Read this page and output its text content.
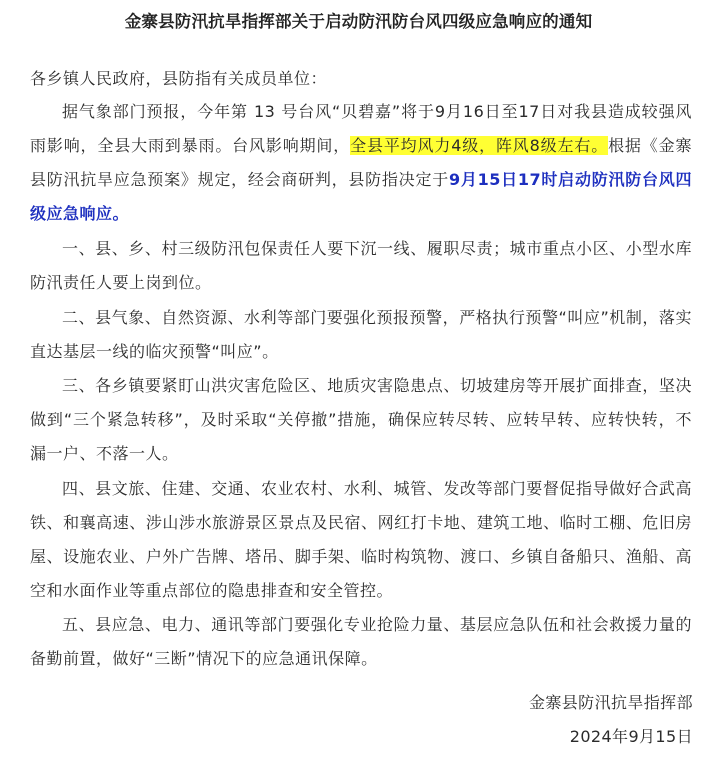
金寨县防汛抗旱指挥部关于启动防汛防台风四级应急响应的通知
各乡镇人民政府，县防指有关成员单位：
据气象部门预报，今年第 13 号台风“贝碧嘉”将于9月16日至17日对我县造成较强风雨影响，全县大雨到暴雨。台风影响期间，全县平均风力4级，阵风8级左右。根据《金寨县防汛抗旱应急预案》规定，经会商研判，县防指决定于9月15日17时启动防汛防台风四级应急响应。
一、县、乡、村三级防汛包保责任人要下沉一线、履职尽责；城市重点小区、小型水库防汛责任人要上岗到位。
二、县气象、自然资源、水利等部门要强化预报预警，严格执行预警“叫应”机制，落实直达基层一线的临灾预警“叫应”。
三、各乡镇要紧盯山洪灾害危险区、地质灾害隐患点、切坡建房等开展扩面排查，坚决做到“三个紧急转移”，及时采取“关停撤”措施，确保应转尽转、应转早转、应转快转，不漏一户、不落一人。
四、县文旅、住建、交通、农业农村、水利、城管、发改等部门要督促指导做好合武高铁、和襄高速、涉山涉水旅游景区景点及民宿、网红打卡地、建筑工地、临时工棚、危旧房屋、设施农业、户外广告牌、塔吊、脚手架、临时构筑物、渡口、乡镇自备船只、渔船、高空和水面作业等重点部位的隐患排查和安全管控。
五、县应急、电力、通讯等部门要强化专业抢险力量、基层应急队伍和社会救援力量的备勤前置，做好“三断”情况下的应急通讯保障。
金寨县防汛抗旱指挥部
2024年9月15日
